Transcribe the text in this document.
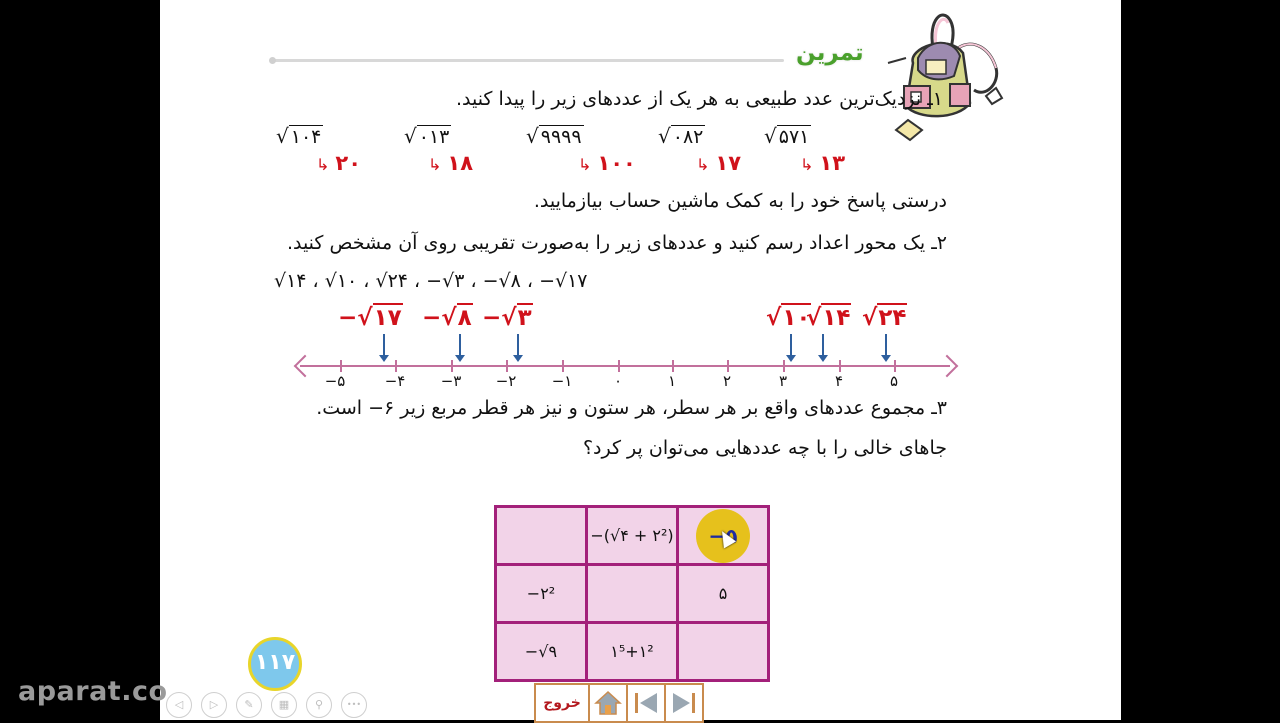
تمرین
۱ـ نزدیک‌ترین عدد طبیعی به هر یک از عددهای زیر را پیدا کنید.
√ ۴۰۱	√ ۳۱۰	√ ۹۹۹۹	√ ۲۸۰	√ ۱۷۵
↳ ۲۰	↳ ۱۸	↳ ۱۰۰	↳ ۱۷	↳ ۱۳
درستی پاسخ خود را به کمک ماشین حساب بیازمایید.
۲ـ یک محور اعداد رسم کنید و عددهای زیر را به‌صورت تقریبی روی آن مشخص کنید.
√۱۴ ، √۱۰ ، √۲۴ ، −√۳ ، −√۸ ، −√۱۷
−۵	−۴	−۳	−۲	−۱	۰	۱	۲	۳	۴	۵
−√۱۷ −√۸ −√۳	√۱۰
√۱۴ √۲۴
۳ـ مجموع عددهای واقع بر هر سطر، هر ستون و نیز هر قطر مربع زیر ۶− است.
جاهای خالی را با چه عددهایی می‌توان پر کرد؟
	−(√۴ + ۲²)	−۵
−۲²		۵
−√۹	۱⁵+۱²	
۱۱۷
◁	▷	✎	▦	⚲	•••	خروج
aparat.co
